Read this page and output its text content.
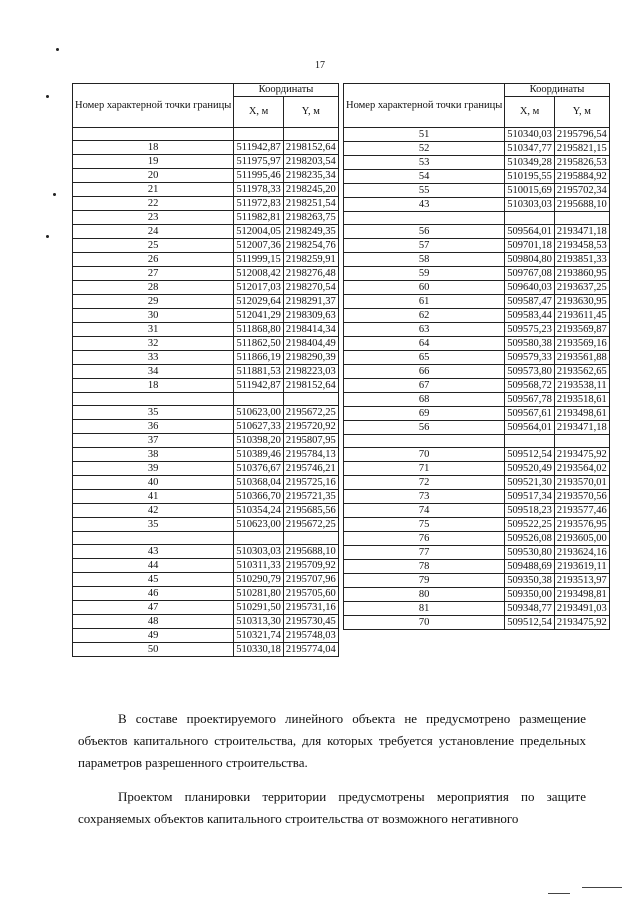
17
Номер характерной точки границы	Координаты	
	X, м	Y, м

18	511942,87	2198152,64
19	511975,97	2198203,54
20	511995,46	2198235,34
21	511978,33	2198245,20
22	511972,83	2198251,54
23	511982,81	2198263,75
24	512004,05	2198249,35
25	512007,36	2198254,76
26	511999,15	2198259,91
27	512008,42	2198276,48
28	512017,03	2198270,54
29	512029,64	2198291,37
30	512041,29	2198309,63
31	511868,80	2198414,34
32	511862,50	2198404,49
33	511866,19	2198290,39
34	511881,53	2198223,03
18	511942,87	2198152,64

35	510623,00	2195672,25
36	510627,33	2195720,92
37	510398,20	2195807,95
38	510389,46	2195784,13
39	510376,67	2195746,21
40	510368,04	2195725,16
41	510366,70	2195721,35
42	510354,24	2195685,56
35	510623,00	2195672,25

43	510303,03	2195688,10
44	510311,33	2195709,92
45	510290,79	2195707,96
46	510281,80	2195705,60
47	510291,50	2195731,16
48	510313,30	2195730,45
49	510321,74	2195748,03
50	510330,18	2195774,04
Номер характерной точки границы	Координаты	
	X, м	Y, м
51	510340,03	2195796,54
52	510347,77	2195821,15
53	510349,28	2195826,53
54	510195,55	2195884,92
55	510015,69	2195702,34
43	510303,03	2195688,10

56	509564,01	2193471,18
57	509701,18	2193458,53
58	509804,80	2193851,33
59	509767,08	2193860,95
60	509640,03	2193637,25
61	509587,47	2193630,95
62	509583,44	2193611,45
63	509575,23	2193569,87
64	509580,38	2193569,16
65	509579,33	2193561,88
66	509573,80	2193562,65
67	509568,72	2193538,11
68	509567,78	2193518,61
69	509567,61	2193498,61
56	509564,01	2193471,18

70	509512,54	2193475,92
71	509520,49	2193564,02
72	509521,30	2193570,01
73	509517,34	2193570,56
74	509518,23	2193577,46
75	509522,25	2193576,95
76	509526,08	2193605,00
77	509530,80	2193624,16
78	509488,69	2193619,11
79	509350,38	2193513,97
80	509350,00	2193498,81
81	509348,77	2193491,03
70	509512,54	2193475,92

В составе проектируемого линейного объекта не предусмотрено размещение объектов капитального строительства, для которых требуется установление предельных параметров разрешенного строительства.

Проектом планировки территории предусмотрены мероприятия по защите сохраняемых объектов капитального строительства от возможного негативного
